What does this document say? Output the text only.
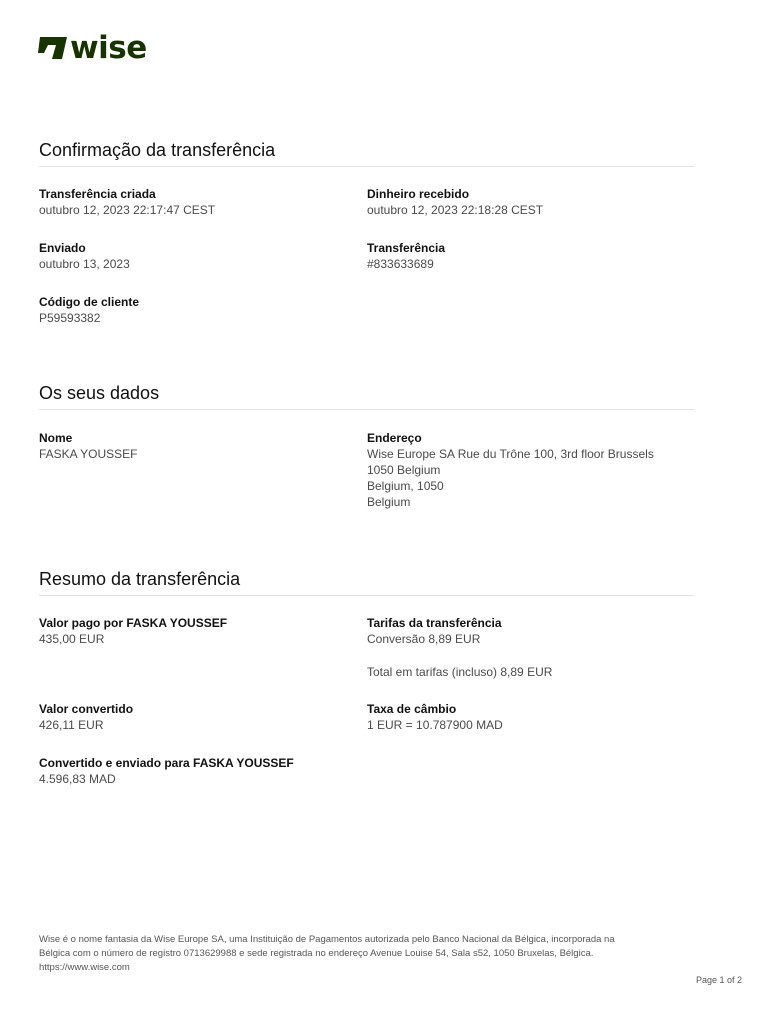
wise
Confirmação da transferência
Transferência criada
outubro 12, 2023 22:17:47 CEST
Dinheiro recebido
outubro 12, 2023 22:18:28 CEST
Enviado
outubro 13, 2023
Transferência
#833633689
Código de cliente
P59593382
Os seus dados
Nome
FASKA YOUSSEF
Endereço
Wise Europe SA Rue du Trône 100, 3rd floor Brussels
1050 Belgium
Belgium, 1050
Belgium
Resumo da transferência
Valor pago por FASKA YOUSSEF
435,00 EUR
Tarifas da transferência
Conversão 8,89 EUR
Total em tarifas (incluso) 8,89 EUR
Valor convertido
426,11 EUR
Taxa de câmbio
1 EUR = 10.787900 MAD
Convertido e enviado para FASKA YOUSSEF
4.596,83 MAD
Wise é o nome fantasia da Wise Europe SA, uma Instituição de Pagamentos autorizada pelo Banco Nacional da Bélgica, incorporada na
Bélgica com o número de registro 0713629988 e sede registrada no endereço Avenue Louise 54, Sala s52, 1050 Bruxelas, Bélgica.
https://www.wise.com
Page 1 of 2
